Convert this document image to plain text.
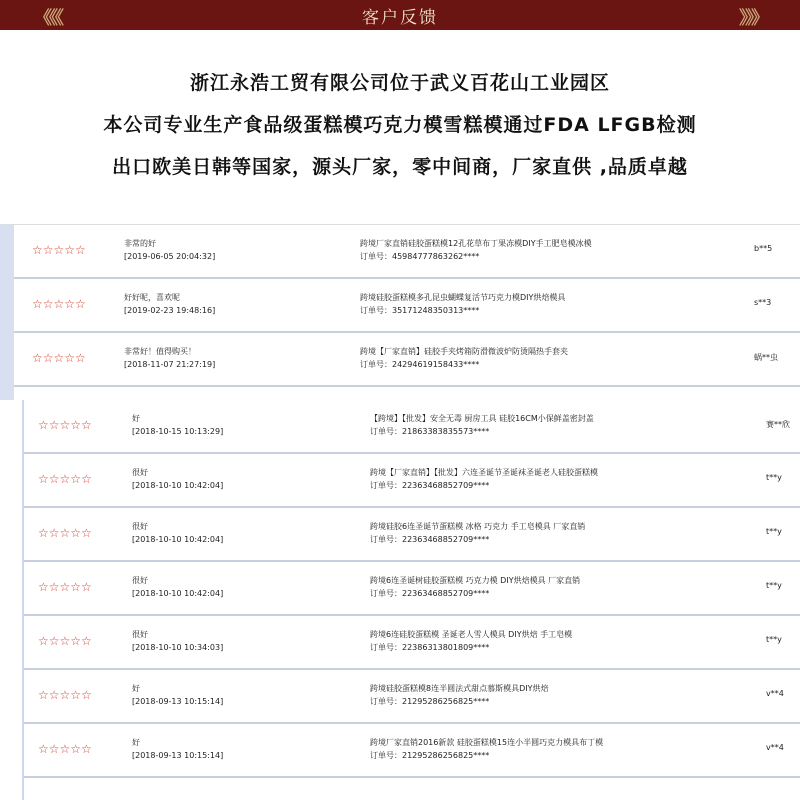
《《《	客户反馈	》》》
浙江永浩工贸有限公司位于武义百花山工业园区
本公司专业生产食品级蛋糕模巧克力模雪糕模通过FDA LFGB检测
出口欧美日韩等国家，源头厂家，零中间商，厂家直供 ,品质卓越
☆☆☆☆☆	非常的好
[2019-06-05 20:04:32]
跨境厂家直销硅胶蛋糕模12孔花草布丁果冻模DIY手工肥皂模冰模
订单号：45984777863262****
b**5
☆☆☆☆☆	好好呢，喜欢呢
[2019-02-23 19:48:16]
跨境硅胶蛋糕模多孔昆虫蝴蝶复活节巧克力模DIY烘焙模具
订单号：35171248350313****
s**3
☆☆☆☆☆	非常好！值得购买！
[2018-11-07 21:27:19]
跨境【厂家直销】硅胶手夹烤箱防滑微波炉防烫隔热手套夹
订单号：24294619158433****
蜗**虫
☆☆☆☆☆	好
[2018-10-15 10:13:29]
【跨境】【批发】安全无毒 厨房工具 硅胶16CM小保鲜盖密封盖
订单号：21863383835573****
赛**欣
☆☆☆☆☆	很好
[2018-10-10 10:42:04]
跨境【厂家直销】【批发】六连圣诞节圣诞袜圣诞老人硅胶蛋糕模
订单号：22363468852709****
t**y
☆☆☆☆☆	很好
[2018-10-10 10:42:04]
跨境硅胶6连圣诞节蛋糕模 冰格 巧克力 手工皂模具 厂家直销
订单号：22363468852709****
t**y
☆☆☆☆☆	很好
[2018-10-10 10:42:04]
跨境6连圣诞树硅胶蛋糕模 巧克力模 DIY烘焙模具 厂家直销
订单号：22363468852709****
t**y
☆☆☆☆☆	很好
[2018-10-10 10:34:03]
跨境6连硅胶蛋糕模 圣诞老人雪人模具 DIY烘焙 手工皂模
订单号：22386313801809****
t**y
☆☆☆☆☆	好
[2018-09-13 10:15:14]
跨境硅胶蛋糕模8连半圆法式甜点慕斯模具DIY烘焙
订单号：21295286256825****
v**4
☆☆☆☆☆	好
[2018-09-13 10:15:14]
跨境厂家直销2016新款 硅胶蛋糕模15连小半圆巧克力模具布丁模
订单号：21295286256825****
v**4
